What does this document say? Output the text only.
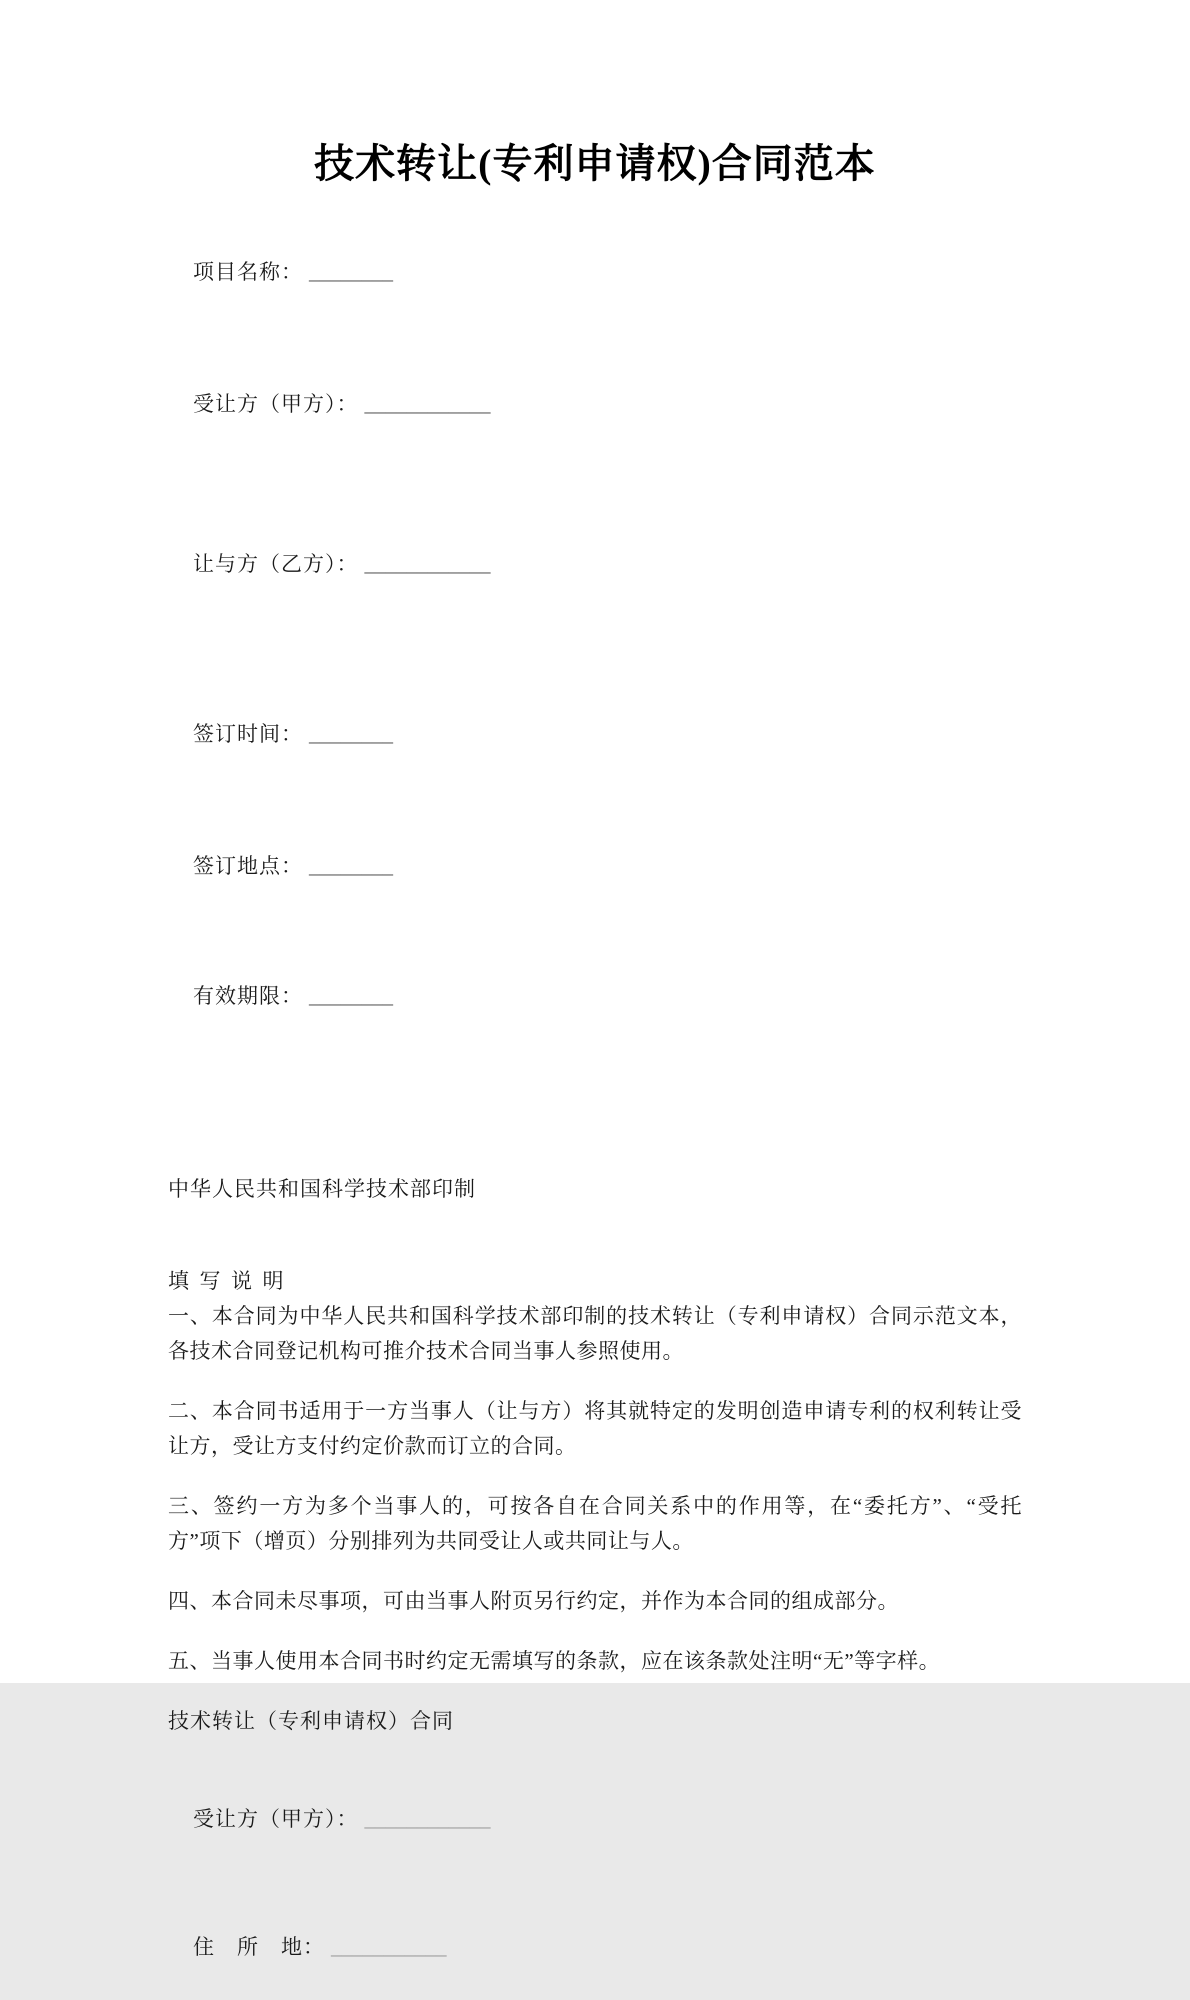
技术转让(专利申请权)合同范本

项目名称： ________

受让方（甲方）： ____________

让与方（乙方）： ____________

签订时间： ________

签订地点： ________

有效期限： ________

中华人民共和国科学技术部印制
填  写  说  明

一、本合同为中华人民共和国科学技术部印制的技术转让（专利申请权）合同示范文本，各技术合同登记机构可推介技术合同当事人参照使用。

二、本合同书适用于一方当事人（让与方）将其就特定的发明创造申请专利的权利转让受让方，受让方支付约定价款而订立的合同。

三、签约一方为多个当事人的，可按各自在合同关系中的作用等，在“委托方”、“受托方”项下（增页）分别排列为共同受让人或共同让与人。

四、本合同未尽事项，可由当事人附页另行约定，并作为本合同的组成部分。

五、当事人使用本合同书时约定无需填写的条款，应在该条款处注明“无”等字样。

技术转让（专利申请权）合同

受让方（甲方）： ____________

住　所　地： ___________
